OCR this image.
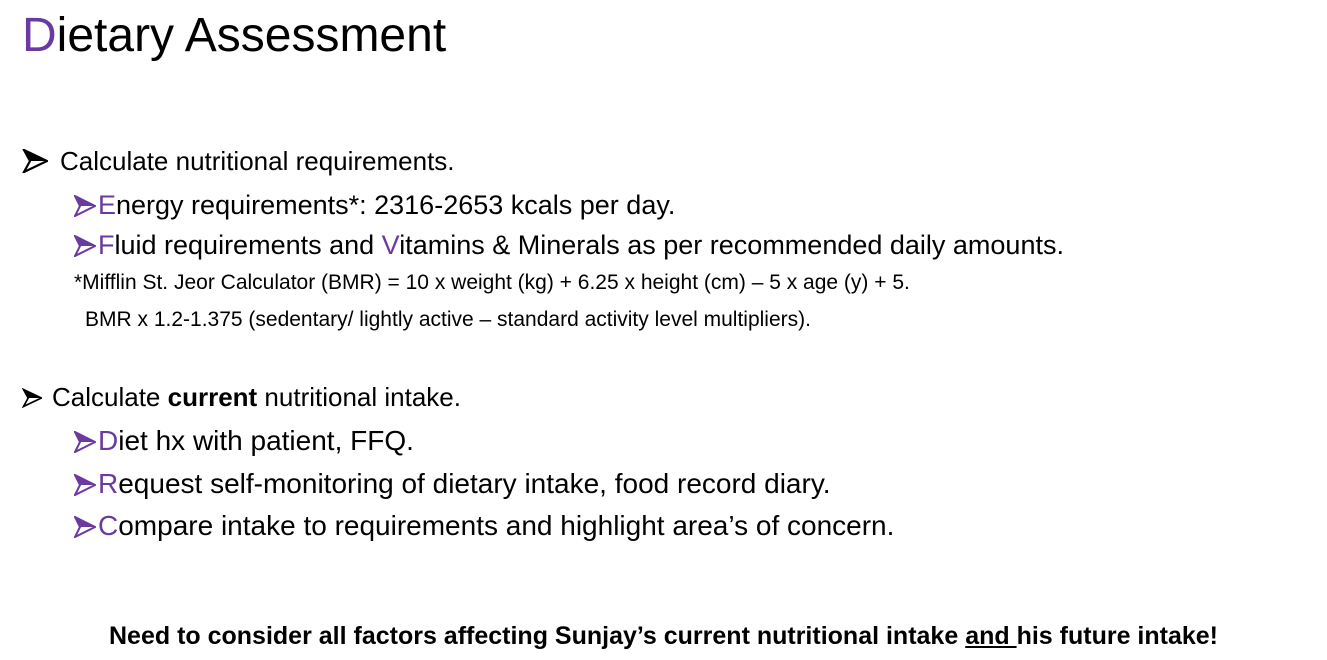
Dietary Assessment
Calculate nutritional requirements.
Energy requirements*: 2316-2653 kcals per day.
Fluid requirements and Vitamins & Minerals as per recommended daily amounts.
*Mifflin St. Jeor Calculator (BMR) = 10 x weight (kg) + 6.25 x height (cm) – 5 x age (y) + 5.
BMR x 1.2-1.375 (sedentary/ lightly active – standard activity level multipliers).
Calculate current nutritional intake.
Diet hx with patient, FFQ.
Request self-monitoring of dietary intake, food record diary.
Compare intake to requirements and highlight area’s of concern.
Need to consider all factors affecting Sunjay’s current nutritional intake and his future intake!
